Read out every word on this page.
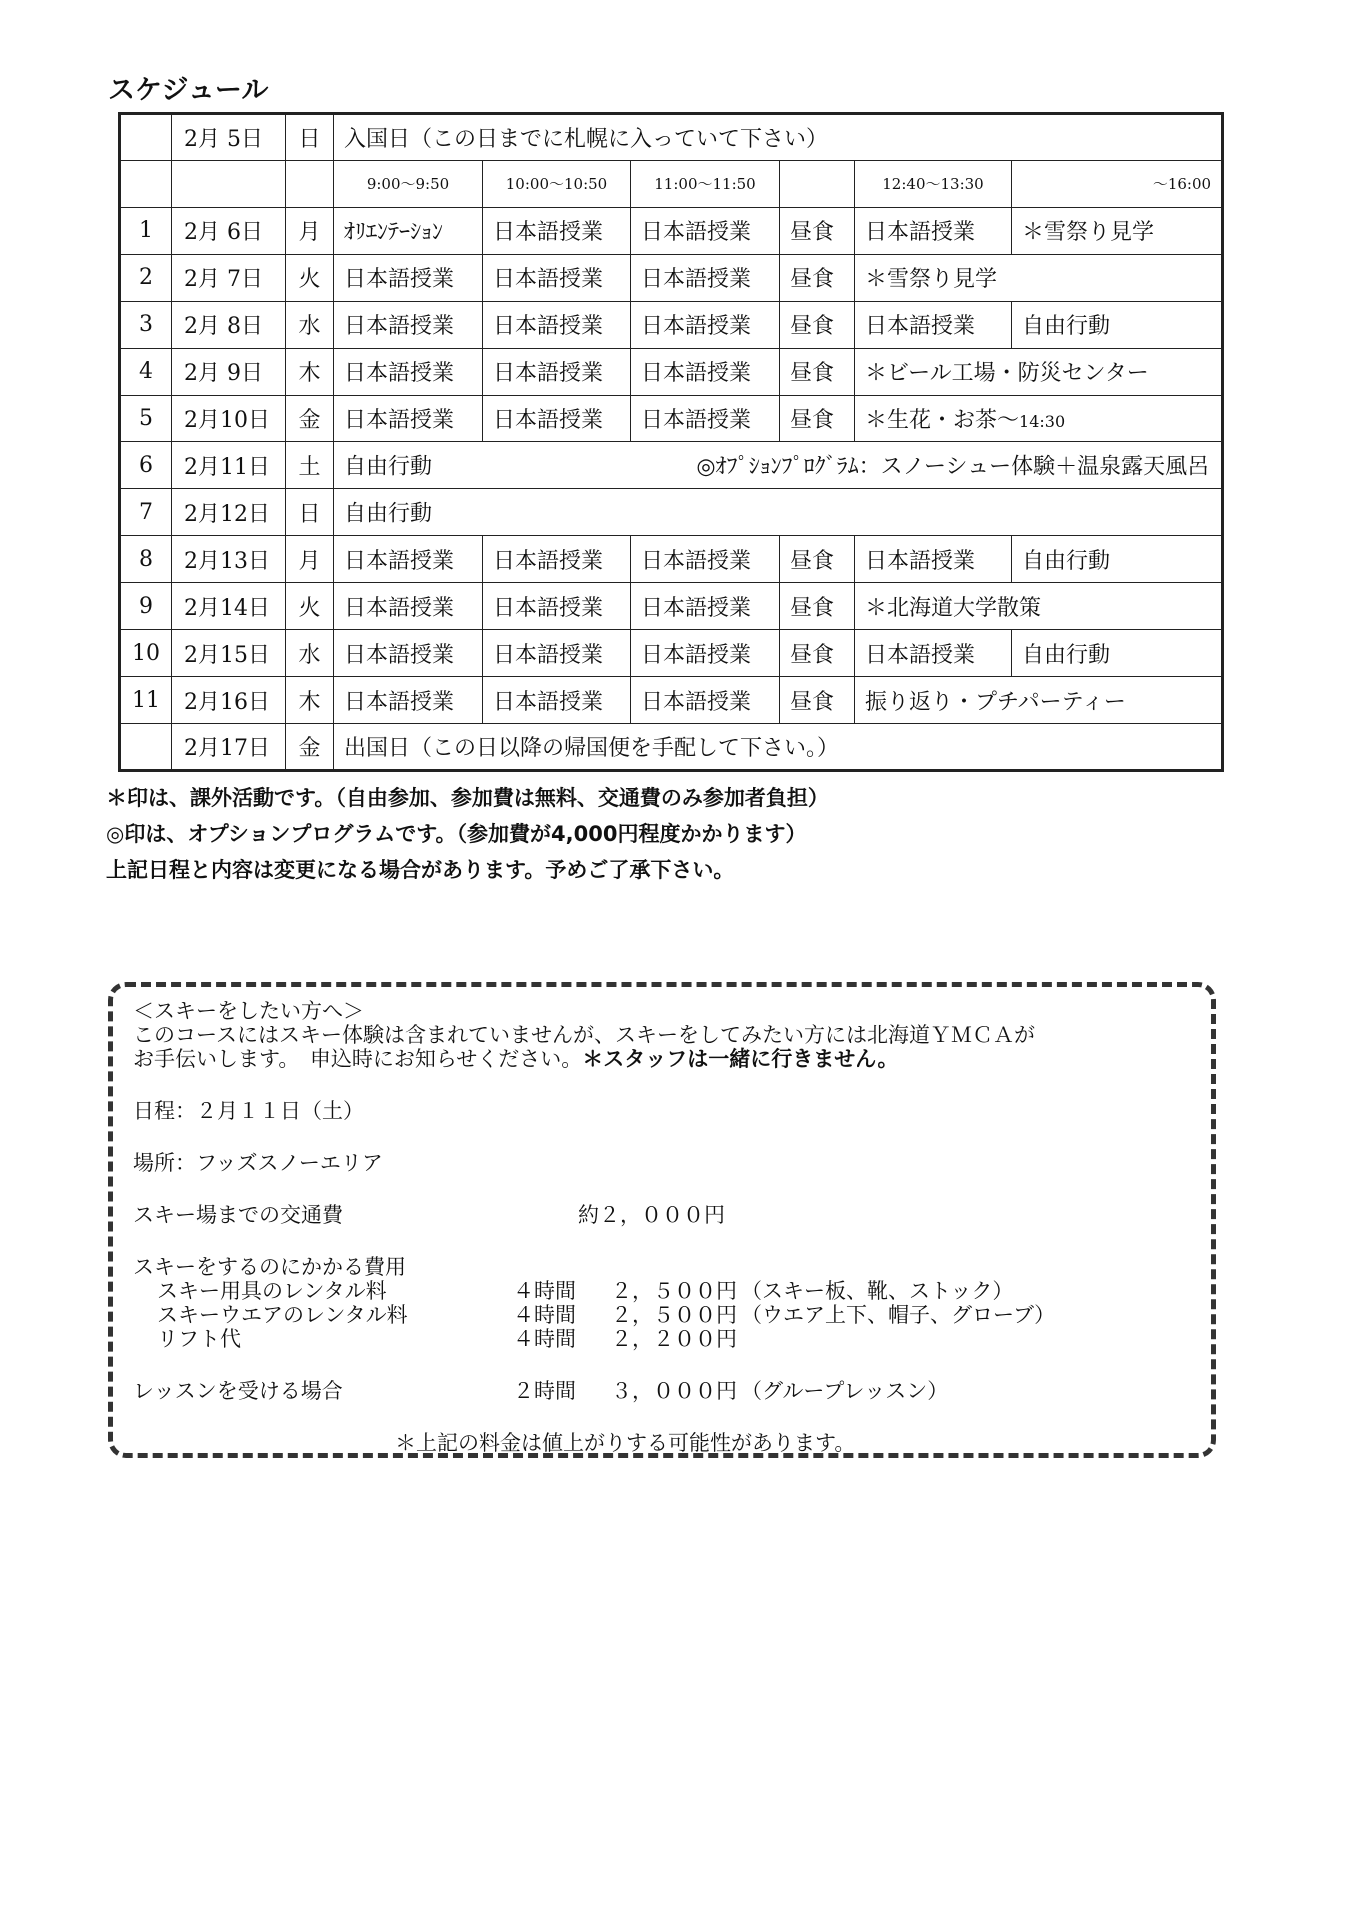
スケジュール
	2月 5日	日	入国日（この日までに札幌に入っていて下さい）					
			9:00～9:50	10:00～10:50	11:00～11:50		12:40～13:30	～16:00
1	2月 6日	月	ｵﾘｴﾝﾃｰｼｮﾝ	日本語授業	日本語授業	昼食	日本語授業	＊雪祭り見学
2	2月 7日	火	日本語授業	日本語授業	日本語授業	昼食	＊雪祭り見学	
3	2月 8日	水	日本語授業	日本語授業	日本語授業	昼食	日本語授業	自由行動
4	2月 9日	木	日本語授業	日本語授業	日本語授業	昼食	＊ビール工場・防災センター	
5	2月10日	金	日本語授業	日本語授業	日本語授業	昼食	＊生花・お茶～14:30	
6	2月11日	土	自由行動 ◎ｵﾌﾟｼｮﾝﾌﾟﾛｸﾞﾗﾑ：スノーシュー体験＋温泉露天風呂					

7	2月12日	日	自由行動					

8	2月13日	月	日本語授業	日本語授業	日本語授業	昼食	日本語授業	自由行動
9	2月14日	火	日本語授業	日本語授業	日本語授業	昼食	＊北海道大学散策	
10	2月15日	水	日本語授業	日本語授業	日本語授業	昼食	日本語授業	自由行動
11	2月16日	木	日本語授業	日本語授業	日本語授業	昼食	振り返り・プチパーティー	
	2月17日	金	出国日（この日以降の帰国便を手配して下さい。）					
＊印は、課外活動です。（自由参加、参加費は無料、交通費のみ参加者負担）
◎印は、オプションプログラムです。（参加費が4,000円程度かかります）
上記日程と内容は変更になる場合があります。予めご了承下さい。
＜スキーをしたい方へ＞
このコースにはスキー体験は含まれていませんが、スキーをしてみたい方には北海道ＹＭＣＡが
お手伝いします。　申込時にお知らせください。＊スタッフは一緒に行きません。
日程：２月１１日（土）
場所：フッズスノーエリア
スキー場までの交通費	約２，０００円
スキーをするのにかかる費用
スキー用具のレンタル料	４時間 ２，５００円 （スキー板、靴、ストック）
スキーウエアのレンタル料	４時間 ２，５００円 （ウエア上下、帽子、グローブ）
リフト代	４時間 ２，２００円
レッスンを受ける場合	２時間 ３，０００円 （グループレッスン）
＊上記の料金は値上がりする可能性があります。
